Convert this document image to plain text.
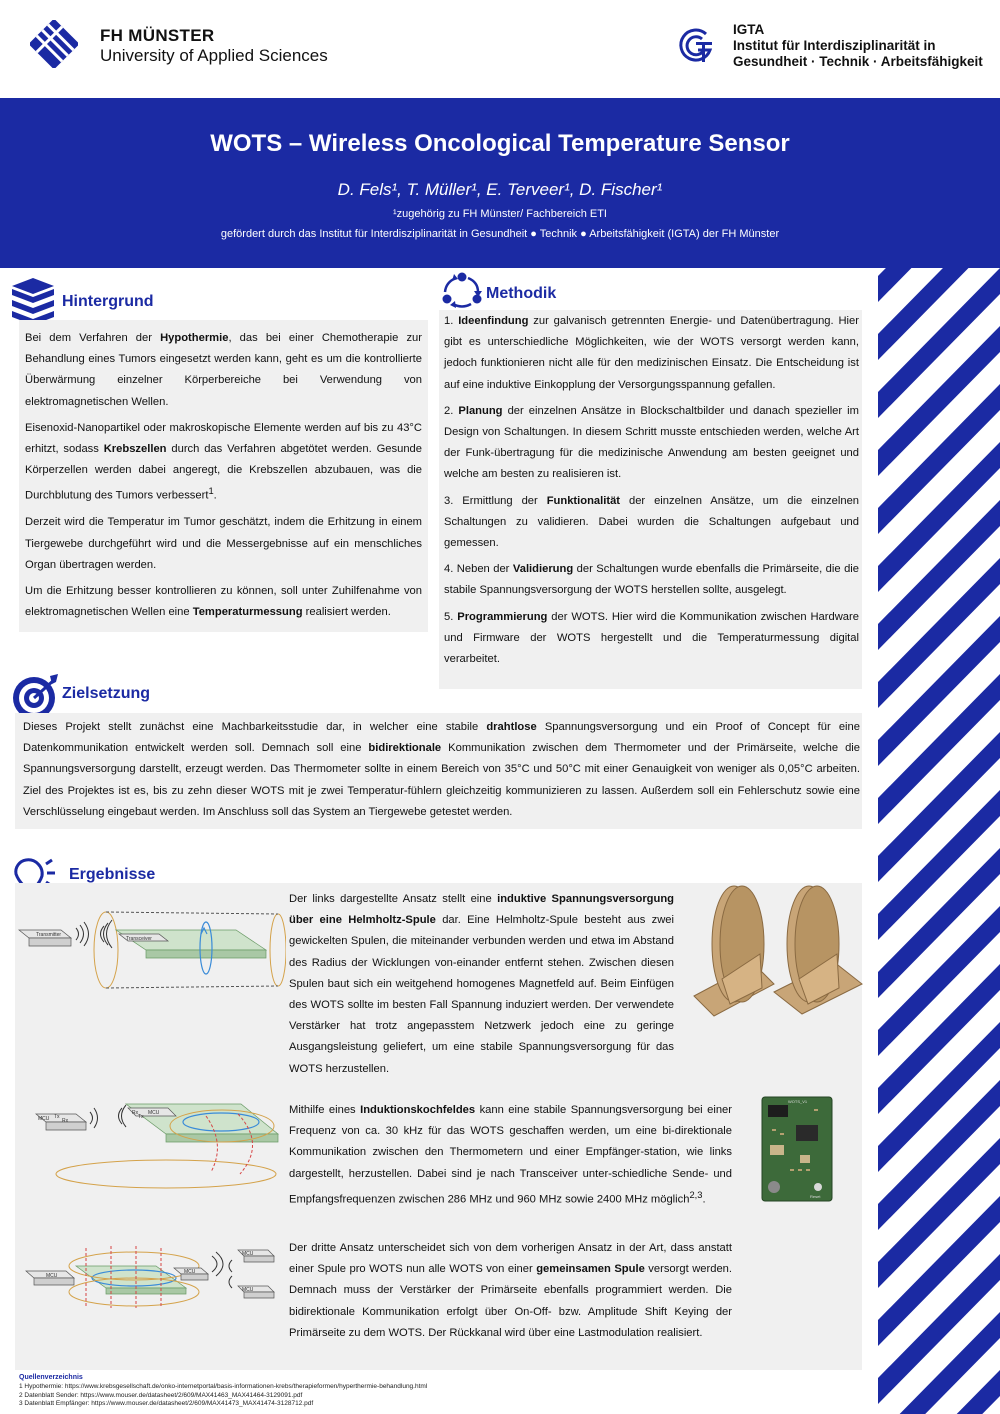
FH MÜNSTER
University of Applied Sciences
IGTA
Institut für Interdisziplinarität in
Gesundheit · Technik · Arbeitsfähigkeit
WOTS – Wireless Oncological Temperature Sensor
D. Fels¹, T. Müller¹, E. Terveer¹, D. Fischer¹
¹zugehörig zu FH Münster/ Fachbereich ETI
gefördert durch das Institut für Interdisziplinarität in Gesundheit ● Technik ● Arbeitsfähigkeit (IGTA) der FH Münster
Hintergrund

Bei dem Verfahren der Hypothermie, das bei einer Chemotherapie zur Behandlung eines Tumors eingesetzt werden kann, geht es um die kontrollierte Überwärmung einzelner Körperbereiche bei Verwendung von elektromagnetischen Wellen.

Eisenoxid-Nanopartikel oder makroskopische Elemente werden auf bis zu 43°C erhitzt, sodass Krebszellen durch das Verfahren abgetötet werden. Gesunde Körperzellen werden dabei angeregt, die Krebszellen abzubauen, was die Durchblutung des Tumors verbessert$^1$.

Derzeit wird die Temperatur im Tumor geschätzt, indem die Erhitzung in einem Tiergewebe durchgeführt wird und die Messergebnisse auf ein menschliches Organ übertragen werden.

Um die Erhitzung besser kontrollieren zu können, soll unter Zuhilfenahme von elektromagnetischen Wellen eine Temperaturmessung realisiert werden.

Methodik

1. Ideenfindung zur galvanisch getrennten Energie- und Datenübertragung. Hier gibt es unterschiedliche Möglichkeiten, wie der WOTS versorgt werden kann, jedoch funktionieren nicht alle für den medizinischen Einsatz. Die Entscheidung ist auf eine induktive Einkopplung der Versorgungsspannung gefallen.

2. Planung der einzelnen Ansätze in Blockschaltbilder und danach spezieller im Design von Schaltungen. In diesem Schritt musste entschieden werden, welche Art der Funk-übertragung für die medizinische Anwendung am besten geeignet und welche am besten zu realisieren ist.

3. Ermittlung der Funktionalität der einzelnen Ansätze, um die einzelnen Schaltungen zu validieren. Dabei wurden die Schaltungen aufgebaut und gemessen.

4. Neben der Validierung der Schaltungen wurde ebenfalls die Primärseite, die die stabile Spannungsversorgung der WOTS herstellen sollte, ausgelegt.

5. Programmierung der WOTS. Hier wird die Kommunikation zwischen Hardware und Firmware der WOTS hergestellt und die Temperaturmessung digital verarbeitet.

Zielsetzung

Dieses Projekt stellt zunächst eine Machbarkeitsstudie dar, in welcher eine stabile drahtlose Spannungsversorgung und ein Proof of Concept für eine Datenkommunikation entwickelt werden soll. Demnach soll eine bidirektionale Kommunikation zwischen dem Thermometer und der Primärseite, welche die Spannungsversorgung darstellt, erzeugt werden. Das Thermometer sollte in einem Bereich von 35°C und 50°C mit einer Genauigkeit von weniger als 0,05°C arbeiten. Ziel des Projektes ist es, bis zu zehn dieser WOTS mit je zwei Temperatur-fühlern gleichzeitig kommunizieren zu lassen. Außerdem soll ein Fehlerschutz sowie eine Verschlüsselung eingebaut werden. Im Anschluss soll das System an Tiergewebe getestet werden.

Ergebnisse
Transmitter
Transceiver
MCU Tx
Rx
Rx MCU
Tx
WOTS_V1
Reset
MCU
MCU
MCU
MCU

Der links dargestellte Ansatz stellt eine induktive Spannungsversorgung über eine Helmholtz-Spule dar. Eine Helmholtz-Spule besteht aus zwei gewickelten Spulen, die miteinander verbunden werden und etwa im Abstand des Radius der Wicklungen von-einander entfernt stehen. Zwischen diesen Spulen baut sich ein weitgehend homogenes Magnetfeld auf. Beim Einfügen des WOTS sollte im besten Fall Spannung induziert werden. Der verwendete Verstärker hat trotz angepasstem Netzwerk jedoch eine zu geringe Ausgangsleistung geliefert, um eine stabile Spannungsversorgung für das WOTS herzustellen.

Mithilfe eines Induktionskochfeldes kann eine stabile Spannungsversorgung bei einer Frequenz von ca. 30 kHz für das WOTS geschaffen werden, um eine bi-direktionale Kommunikation zwischen den Thermometern und einer Empfänger-station, wie links dargestellt, herzustellen. Dabei sind je nach Transceiver unter-schiedliche Sende- und Empfangsfrequenzen zwischen 286 MHz und 960 MHz sowie 2400 MHz möglich$^{2,3}$.

Der dritte Ansatz unterscheidet sich von dem vorherigen Ansatz in der Art, dass anstatt einer Spule pro WOTS nun alle WOTS von einer gemeinsamen Spule versorgt werden. Demnach muss der Verstärker der Primärseite ebenfalls programmiert werden. Die bidirektionale Kommunikation erfolgt über On-Off- bzw. Amplitude Shift Keying der Primärseite zu dem WOTS. Der Rückkanal wird über eine Lastmodulation realisiert.

Quellenverzeichnis
1 Hypothermie: https://www.krebsgesellschaft.de/onko-internetportal/basis-informationen-krebs/therapieformen/hyperthermie-behandlung.html
2 Datenblatt Sender: https://www.mouser.de/datasheet/2/609/MAX41463_MAX41464-3129091.pdf
3 Datenblatt Empfänger: https://www.mouser.de/datasheet/2/609/MAX41473_MAX41474-3128712.pdf
